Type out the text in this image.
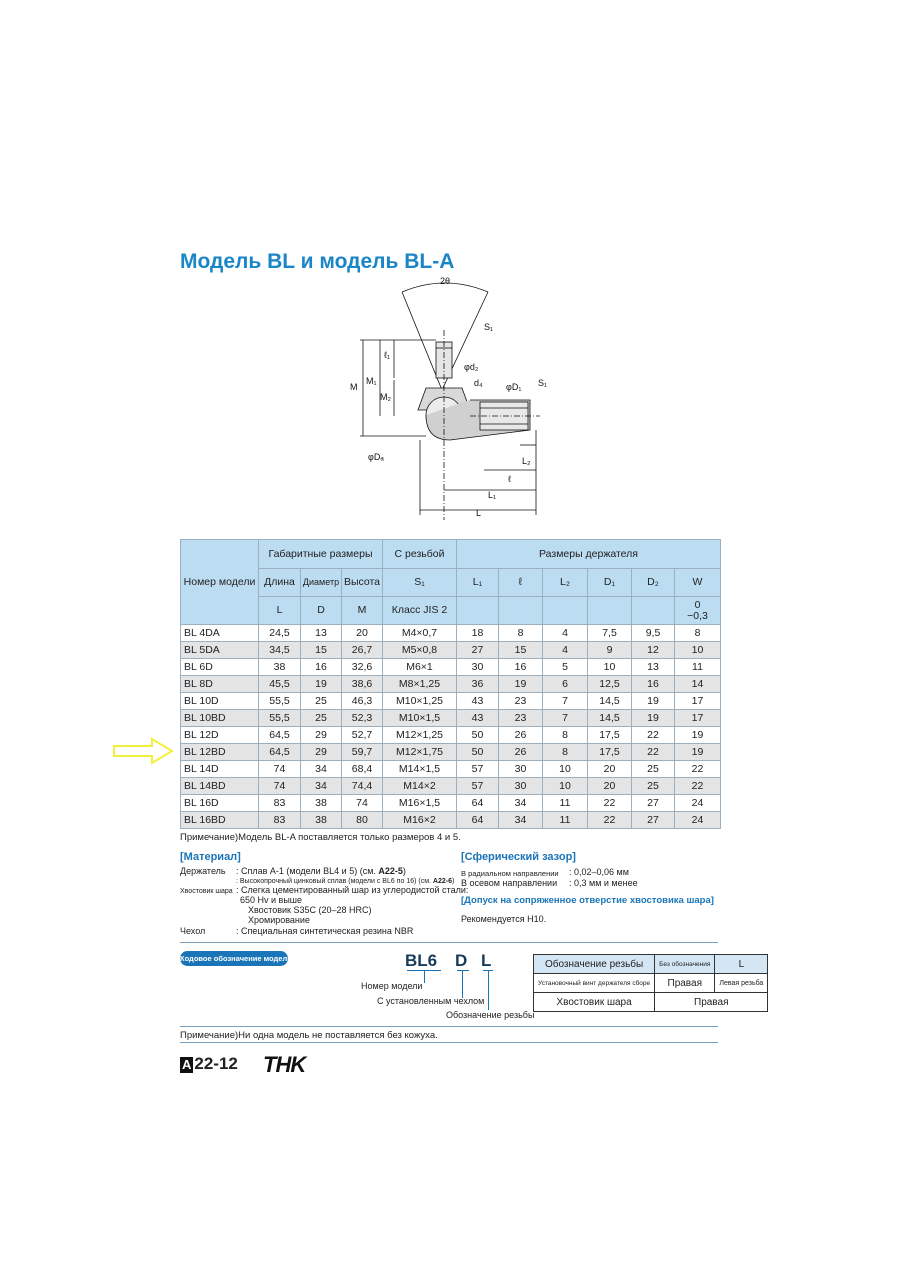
Модель BL и модель BL-A
2θ
S₁
ℓ₁
M₁
M
M₂
φd₂
d₄	φD₁ S₁
φDₐ	L₂
ℓ
L₁
L
Номер модели	Габаритные размеры			С резьбой	Размеры держателя					
	Длина	Диаметр	Высота	S₁	L₁	ℓ	L₂	D₁	D₂	W
	L	D	M	Класс JIS 2						0
−0,3

BL 4DA	24,5	13	20	M4×0,7	18	8	4	7,5	9,5	8
BL 5DA	34,5	15	26,7	M5×0,8	27	15	4	9	12	10
BL 6D	38	16	32,6	M6×1	30	16	5	10	13	11
BL 8D	45,5	19	38,6	M8×1,25	36	19	6	12,5	16	14
BL 10D	55,5	25	46,3	M10×1,25	43	23	7	14,5	19	17
BL 10BD	55,5	25	52,3	M10×1,5	43	23	7	14,5	19	17
BL 12D	64,5	29	52,7	M12×1,25	50	26	8	17,5	22	19
BL 12BD	64,5	29	59,7	M12×1,75	50	26	8	17,5	22	19
BL 14D	74	34	68,4	M14×1,5	57	30	10	20	25	22
BL 14BD	74	34	74,4	M14×2	57	30	10	20	25	22
BL 16D	83	38	74	M16×1,5	64	34	11	22	27	24
BL 16BD	83	38	80	M16×2	64	34	11	22	27	24
Примечание)Модель BL-A поставляется только размеров 4 и 5.
[Материал]
Держатель : Сплав А-1 (модели BL4 и 5) (см. A22-5)
: Высокопрочный цинковый сплав (модели с BL6 по 16) (см. A22-6)
Хвостовик шара : Слегка цементированный шар из углеродистой стали:
650 Hv и выше
Хвостовик S35C (20–28 HRC)
Хромирование
Чехол	: Специальная синтетическая резина NBR
[Сферический зазор]
В радиальном направлении : 0,02–0,06 мм
В осевом направлении : 0,3 мм и менее
[Допуск на сопряженное отверстие хвостовика шара]
Рекомендуется H10.
Кодовое обозначение модели	BL6 D L
Номер модели
С установленным чехлом
Обозначение резьбы
Обозначение резьбы	Без обозначения	L
Установочный винт держателя сборе	Правая	Левая резьба
Хвостовик шара	Правая	
Примечание)Ни одна модель не поставляется без кожуха.
A 22-12 THK
